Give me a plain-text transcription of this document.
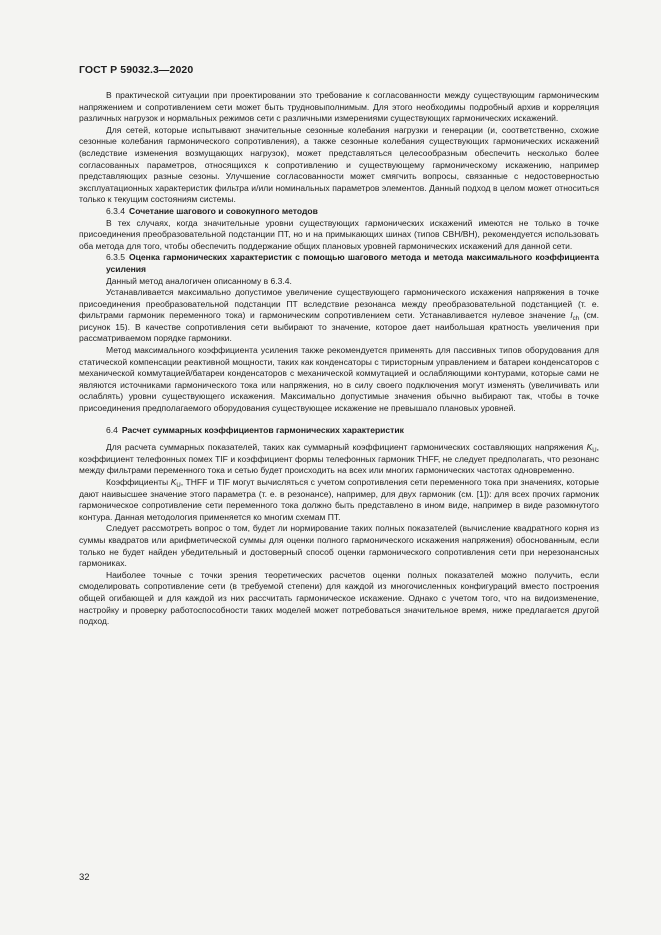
ГОСТ Р 59032.3—2020

В практической ситуации при проектировании это требование к согласованности между существующим гармоническим напряжением и сопротивлением сети может быть трудновыполнимым. Для этого необходимы подробный архив и корреляция различных нагрузок и нормальных режимов сети с различными измерениями существующих гармонических искажений.

Для сетей, которые испытывают значительные сезонные колебания нагрузки и генерации (и, соответственно, схожие сезонные колебания гармонического сопротивления), а также сезонные колебания существующих гармонических искажений (вследствие изменения возмущающих нагрузок), может представляться целесообразным обеспечить несколько более согласованных параметров, относящихся к сопротивлению и существующему гармоническому искажению, например представляющих разные сезоны. Улучшение согласованности может смягчить вопросы, связанные с недостоверностью эксплуатационных характеристик фильтра и/или номинальных параметров элементов. Данный подход в целом может относиться только к текущим состояниям системы.

6.3.4 Сочетание шагового и совокупного методов

В тех случаях, когда значительные уровни существующих гармонических искажений имеются не только в точке присоединения преобразовательной подстанции ПТ, но и на примыкающих шинах (типов СВН/ВН), рекомендуется использовать оба метода для того, чтобы обеспечить поддержание общих плановых уровней гармонических искажений для данной сети.

6.3.5 Оценка гармонических характеристик с помощью шагового метода и метода максимального коэффициента усиления

Данный метод аналогичен описанному в 6.3.4.

Устанавливается максимально допустимое увеличение существующего гармонического искажения напряжения в точке присоединения преобразовательной подстанции ПТ вследствие резонанса между преобразовательной подстанцией (т. е. фильтрами гармоник переменного тока) и гармоническим сопротивлением сети. Устанавливается нулевое значение $I_{сh}$ (см. рисунок 15). В качестве сопротивления сети выбирают то значение, которое дает наибольшая кратность увеличения при рассматриваемом порядке гармоники.

Метод максимального коэффициента усиления также рекомендуется применять для пассивных типов оборудования для статической компенсации реактивной мощности, таких как конденсаторы с тиристорным управлением и батареи конденсаторов с механической коммутацией/батареи конденсаторов с механической коммутацией и ослабляющими контурами, которые сами не являются источниками гармонического тока или напряжения, но в силу своего подключения могут изменять (увеличивать или ослаблять) уровни существующего искажения. Максимально допустимые значения обычно выбирают так, чтобы в точке присоединения предполагаемого оборудования существующее искажение не превышало плановых уровней.

6.4 Расчет суммарных коэффициентов гармонических характеристик

Для расчета суммарных показателей, таких как суммарный коэффициент гармонических составляющих напряжения $K_U$, коэффициент телефонных помех TIF и коэффициент формы телефонных гармоник THFF, не следует предполагать, что резонанс между фильтрами переменного тока и сетью будет происходить на всех или многих гармонических частотах одновременно.

Коэффициенты $K_U$, THFF и TIF могут вычисляться с учетом сопротивления сети переменного тока при значениях, которые дают наивысшее значение этого параметра (т. е. в резонансе), например, для двух гармоник (см. [1]): для всех прочих гармоник гармоническое сопротивление сети переменного тока должно быть представлено в ином виде, например в виде разомкнутого контура. Данная методология применяется ко многим схемам ПТ.

Следует рассмотреть вопрос о том, будет ли нормирование таких полных показателей (вычисление квадратного корня из суммы квадратов или арифметической суммы для оценки полного гармонического искажения напряжения) обоснованным, если только не будет найден убедительный и достоверный способ оценки гармонического сопротивления сети при нерезонансных гармониках.

Наиболее точные с точки зрения теоретических расчетов оценки полных показателей можно получить, если смоделировать сопротивление сети (в требуемой степени) для каждой из многочисленных конфигураций вместо построения общей огибающей и для каждой из них рассчитать гармоническое искажение. Однако с учетом того, что на видоизменение, настройку и проверку работоспособности таких моделей может потребоваться значительное время, ниже предлагается другой подход.

32
